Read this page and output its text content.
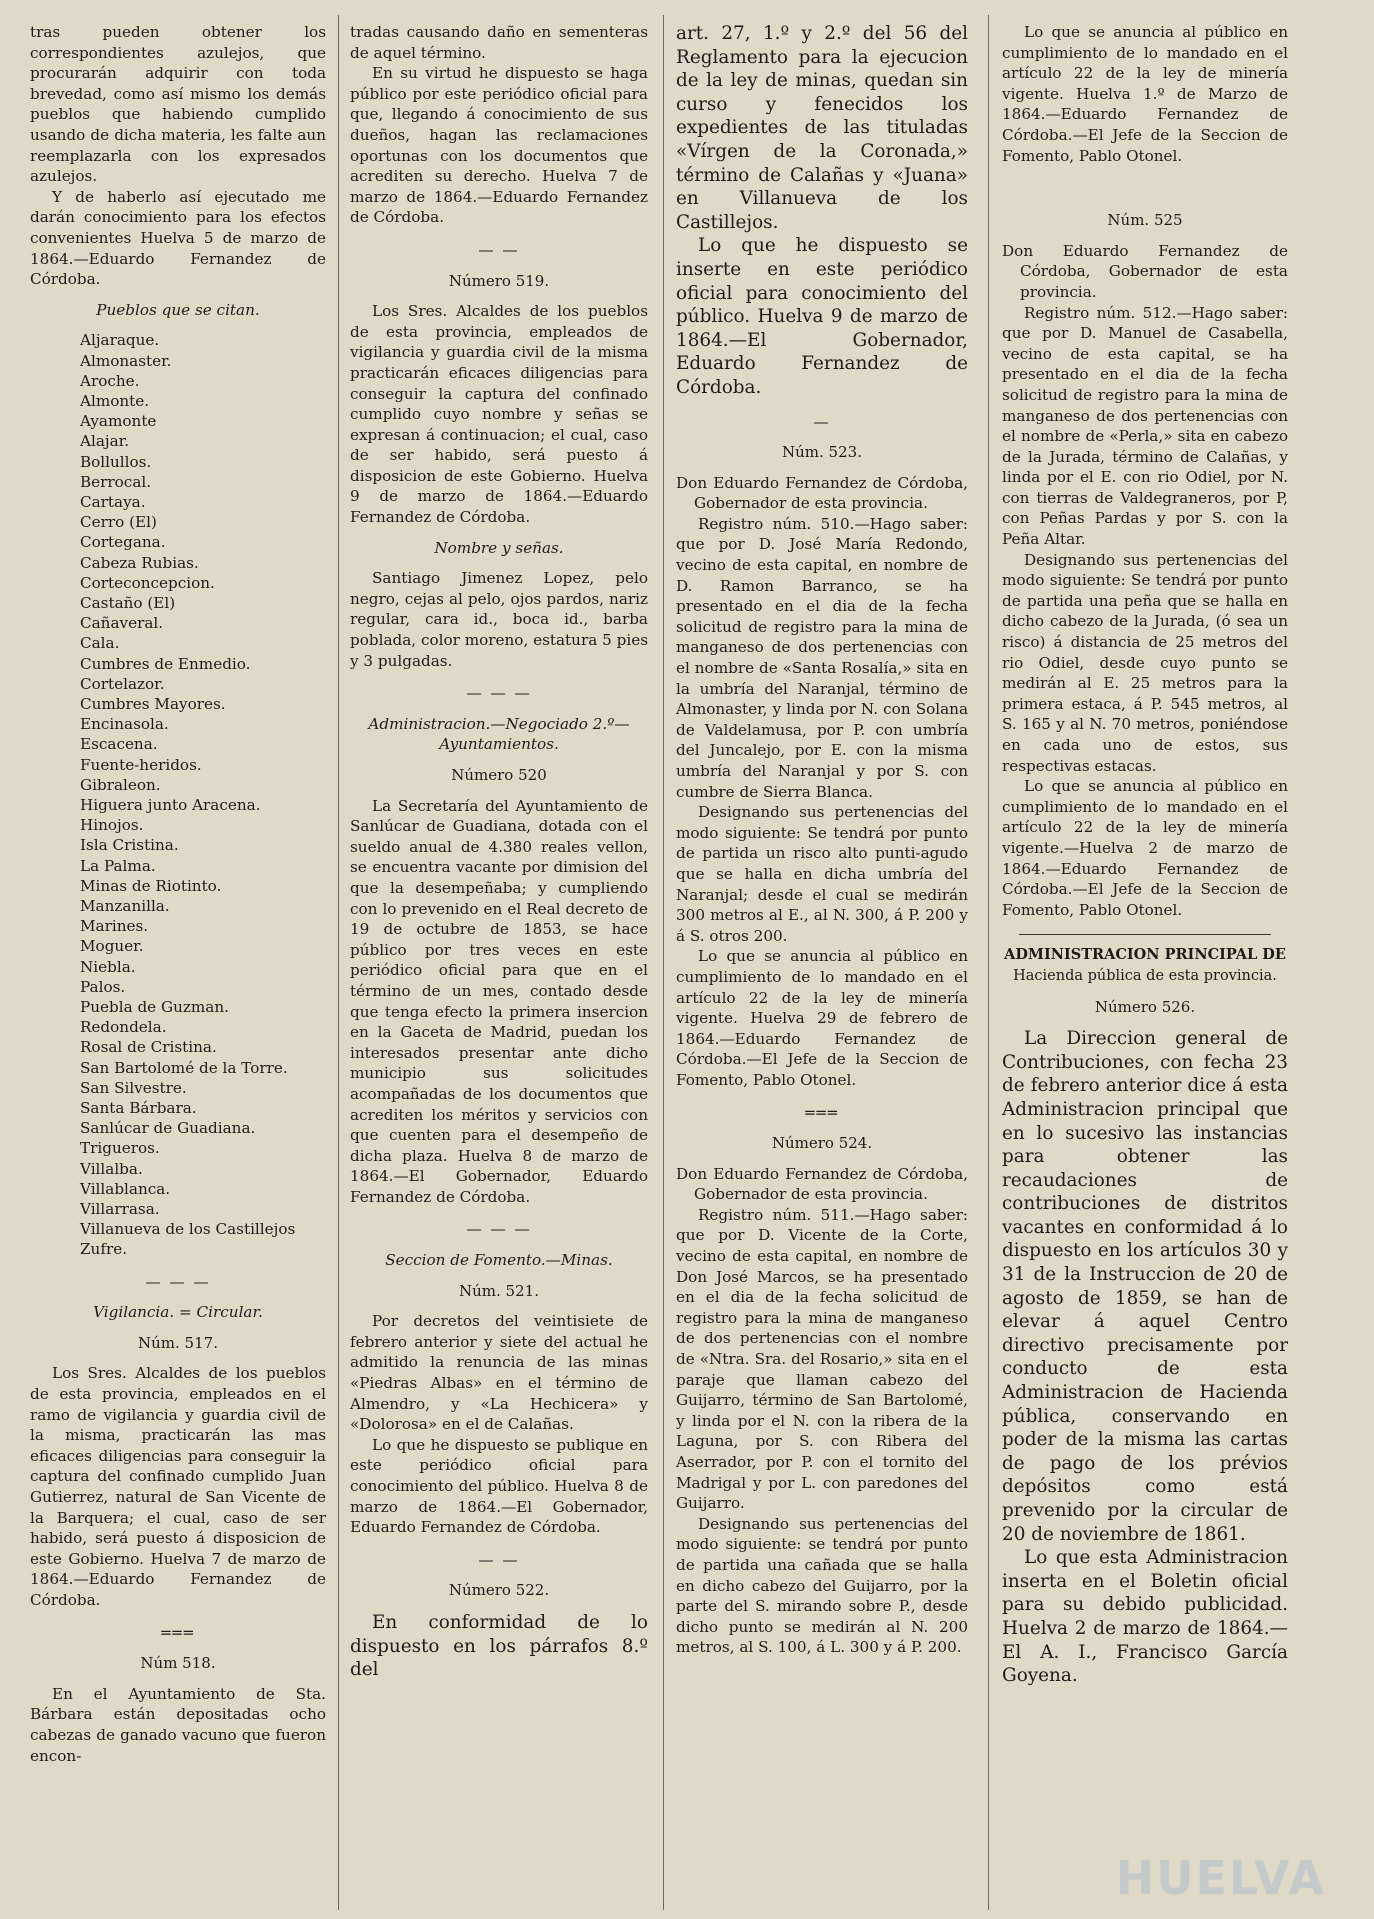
tras pueden obtener los correspondientes azulejos, que procurarán adquirir con toda brevedad, como así mismo los demás pueblos que habiendo cumplido usando de dicha materia, les falte aun reemplazarla con los expresados azulejos.

Y de haberlo así ejecutado me darán conocimiento para los efectos convenientes Huelva 5 de marzo de 1864.—Eduardo Fernandez de Córdoba.

Pueblos que se citan.
Aljaraque.
Almonaster.
Aroche.
Almonte.
Ayamonte
Alajar.
Bollullos.
Berrocal.
Cartaya.
Cerro (El)
Cortegana.
Cabeza Rubias.
Corteconcepcion.
Castaño (El)
Cañaveral.
Cala.
Cumbres de Enmedio.
Cortelazor.
Cumbres Mayores.
Encinasola.
Escacena.
Fuente-heridos.
Gibraleon.
Higuera junto Aracena.
Hinojos.
Isla Cristina.
La Palma.
Minas de Riotinto.
Manzanilla.
Marines.
Moguer.
Niebla.
Palos.
Puebla de Guzman.
Redondela.
Rosal de Cristina.
San Bartolomé de la Torre.
San Silvestre.
Santa Bárbara.
Sanlúcar de Guadiana.
Trigueros.
Villalba.
Villablanca.
Villarrasa.
Villanueva de los Castillejos
Zufre.
— — —
Vigilancia. = Circular.
Núm. 517.

Los Sres. Alcaldes de los pueblos de esta provincia, empleados en el ramo de vigilancia y guardia civil de la misma, practicarán las mas eficaces diligencias para conseguir la captura del confinado cumplido Juan Gutierrez, natural de San Vicente de la Barquera; el cual, caso de ser habido, será puesto á disposicion de este Gobierno. Huelva 7 de marzo de 1864.—Eduardo Fernandez de Córdoba.

═══
Núm 518.

En el Ayuntamiento de Sta. Bárbara están depositadas ocho cabezas de ganado vacuno que fueron encon-

tradas causando daño en sementeras de aquel término.

En su virtud he dispuesto se haga público por este periódico oficial para que, llegando á conocimiento de sus dueños, hagan las reclamaciones oportunas con los documentos que acrediten su derecho. Huelva 7 de marzo de 1864.—Eduardo Fernandez de Córdoba.

— —
Número 519.

Los Sres. Alcaldes de los pueblos de esta provincia, empleados de vigilancia y guardia civil de la misma practicarán eficaces diligencias para conseguir la captura del confinado cumplido cuyo nombre y señas se expresan á continuacion; el cual, caso de ser habido, será puesto á disposicion de este Gobierno. Huelva 9 de marzo de 1864.—Eduardo Fernandez de Córdoba.

Nombre y señas.

Santiago Jimenez Lopez, pelo negro, cejas al pelo, ojos pardos, nariz regular, cara id., boca id., barba poblada, color moreno, estatura 5 pies y 3 pulgadas.

— — —
Administracion.—Negociado 2.º—Ayuntamientos.
Número 520

La Secretaría del Ayuntamiento de Sanlúcar de Guadiana, dotada con el sueldo anual de 4.380 reales vellon, se encuentra vacante por dimision del que la desempeñaba; y cumpliendo con lo prevenido en el Real decreto de 19 de octubre de 1853, se hace público por tres veces en este periódico oficial para que en el término de un mes, contado desde que tenga efecto la primera insercion en la Gaceta de Madrid, puedan los interesados presentar ante dicho municipio sus solicitudes acompañadas de los documentos que acrediten los méritos y servicios con que cuenten para el desempeño de dicha plaza. Huelva 8 de marzo de 1864.—El Gobernador, Eduardo Fernandez de Córdoba.

— — —
Seccion de Fomento.—Minas.
Núm. 521.

Por decretos del veintisiete de febrero anterior y siete del actual he admitido la renuncia de las minas «Piedras Albas» en el término de Almendro, y «La Hechicera» y «Dolorosa» en el de Calañas.

Lo que he dispuesto se publique en este periódico oficial para conocimiento del público. Huelva 8 de marzo de 1864.—El Gobernador, Eduardo Fernandez de Córdoba.

— —
Número 522.

En conformidad de lo dispuesto en los párrafos 8.º del

art. 27, 1.º y 2.º del 56 del Reglamento para la ejecucion de la ley de minas, quedan sin curso y fenecidos los expedientes de las tituladas «Vírgen de la Coronada,» término de Calañas y «Juana» en Villanueva de los Castillejos.

Lo que he dispuesto se inserte en este periódico oficial para conocimiento del público. Huelva 9 de marzo de 1864.—El Gobernador, Eduardo Fernandez de Córdoba.

—
Núm. 523.

Don Eduardo Fernandez de Córdoba, Gobernador de esta provincia.

Registro núm. 510.—Hago saber: que por D. José María Redondo, vecino de esta capital, en nombre de D. Ramon Barranco, se ha presentado en el dia de la fecha solicitud de registro para la mina de manganeso de dos pertenencias con el nombre de «Santa Rosalía,» sita en la umbría del Naranjal, término de Almonaster, y linda por N. con Solana de Valdelamusa, por P. con umbría del Juncalejo, por E. con la misma umbría del Naranjal y por S. con cumbre de Sierra Blanca.

Designando sus pertenencias del modo siguiente: Se tendrá por punto de partida un risco alto punti-agudo que se halla en dicha umbría del Naranjal; desde el cual se medirán 300 metros al E., al N. 300, á P. 200 y á S. otros 200.

Lo que se anuncia al público en cumplimiento de lo mandado en el artículo 22 de la ley de minería vigente. Huelva 29 de febrero de 1864.—Eduardo Fernandez de Córdoba.—El Jefe de la Seccion de Fomento, Pablo Otonel.

═══
Número 524.

Don Eduardo Fernandez de Córdoba, Gobernador de esta provincia.

Registro núm. 511.—Hago saber: que por D. Vicente de la Corte, vecino de esta capital, en nombre de Don José Marcos, se ha presentado en el dia de la fecha solicitud de registro para la mina de manganeso de dos pertenencias con el nombre de «Ntra. Sra. del Rosario,» sita en el paraje que llaman cabezo del Guijarro, término de San Bartolomé, y linda por el N. con la ribera de la Laguna, por S. con Ribera del Aserrador, por P. con el tornito del Madrigal y por L. con paredones del Guijarro.

Designando sus pertenencias del modo siguiente: se tendrá por punto de partida una cañada que se halla en dicho cabezo del Guijarro, por la parte del S. mirando sobre P., desde dicho punto se medirán al N. 200 metros, al S. 100, á L. 300 y á P. 200.

Lo que se anuncia al público en cumplimiento de lo mandado en el artículo 22 de la ley de minería vigente. Huelva 1.º de Marzo de 1864.—Eduardo Fernandez de Córdoba.—El Jefe de la Seccion de Fomento, Pablo Otonel.

Núm. 525

Don Eduardo Fernandez de Córdoba, Gobernador de esta provincia.

Registro núm. 512.—Hago saber: que por D. Manuel de Casabella, vecino de esta capital, se ha presentado en el dia de la fecha solicitud de registro para la mina de manganeso de dos pertenencias con el nombre de «Perla,» sita en cabezo de la Jurada, término de Calañas, y linda por el E. con rio Odiel, por N. con tierras de Valdegraneros, por P, con Peñas Pardas y por S. con la Peña Altar.

Designando sus pertenencias del modo siguiente: Se tendrá por punto de partida una peña que se halla en dicho cabezo de la Jurada, (ó sea un risco) á distancia de 25 metros del rio Odiel, desde cuyo punto se medirán al E. 25 metros para la primera estaca, á P. 545 metros, al S. 165 y al N. 70 metros, poniéndose en cada uno de estos, sus respectivas estacas.

Lo que se anuncia al público en cumplimiento de lo mandado en el artículo 22 de la ley de minería vigente.—Huelva 2 de marzo de 1864.—Eduardo Fernandez de Córdoba.—El Jefe de la Seccion de Fomento, Pablo Otonel.

ADMINISTRACION PRINCIPAL DE
Hacienda pública de esta provincia.
Número 526.

La Direccion general de Contribuciones, con fecha 23 de febrero anterior dice á esta Administracion principal que en lo sucesivo las instancias para obtener las recaudaciones de contribuciones de distritos vacantes en conformidad á lo dispuesto en los artículos 30 y 31 de la Instruccion de 20 de agosto de 1859, se han de elevar á aquel Centro directivo precisamente por conducto de esta Administracion de Hacienda pública, conservando en poder de la misma las cartas de pago de los prévios depósitos como está prevenido por la circular de 20 de noviembre de 1861.

Lo que esta Administracion inserta en el Boletin oficial para su debido publicidad. Huelva 2 de marzo de 1864.—El A. I., Francisco García Goyena.

HUELVA
